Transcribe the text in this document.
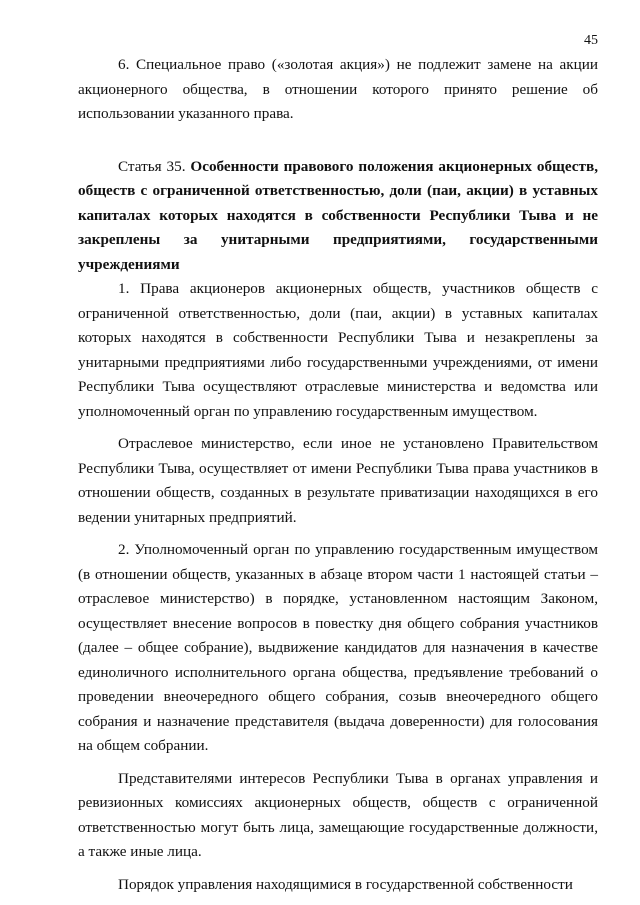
45

6. Специальное право («золотая акция») не подлежит замене на акции акционерного общества, в отношении которого принято решение об использовании указанного права.

Статья 35. Особенности правового положения акционерных обществ, обществ с ограниченной ответственностью, доли (паи, акции) в уставных капиталах которых находятся в собственности Республики Тыва и не закреплены за унитарными предприятиями, государственными учреждениями

1. Права акционеров акционерных обществ, участников обществ с ограниченной ответственностью, доли (паи, акции) в уставных капиталах которых находятся в собственности Республики Тыва и незакреплены за унитарными предприятиями либо государственными учреждениями, от имени Республики Тыва осуществляют отраслевые министерства и ведомства или уполномоченный орган по управлению государственным имуществом.

Отраслевое министерство, если иное не установлено Правительством Республики Тыва, осуществляет от имени Республики Тыва права участников в отношении обществ, созданных в результате приватизации находящихся в его ведении унитарных предприятий.

2. Уполномоченный орган по управлению государственным имуществом (в отношении обществ, указанных в абзаце втором части 1 настоящей статьи – отраслевое министерство) в порядке, установленном настоящим Законом, осуществляет внесение вопросов в повестку дня общего собрания участников (далее – общее собрание), выдвижение кандидатов для назначения в качестве единоличного исполнительного органа общества, предъявление требований о проведении внеочередного общего собрания, созыв внеочередного общего собрания и назначение представителя (выдача доверенности) для голосования на общем собрании.

Представителями интересов Республики Тыва в органах управления и ревизионных комиссиях акционерных обществ, обществ с ограниченной ответственностью могут быть лица, замещающие государственные должности, а также иные лица.

Порядок управления находящимися в государственной собственности
